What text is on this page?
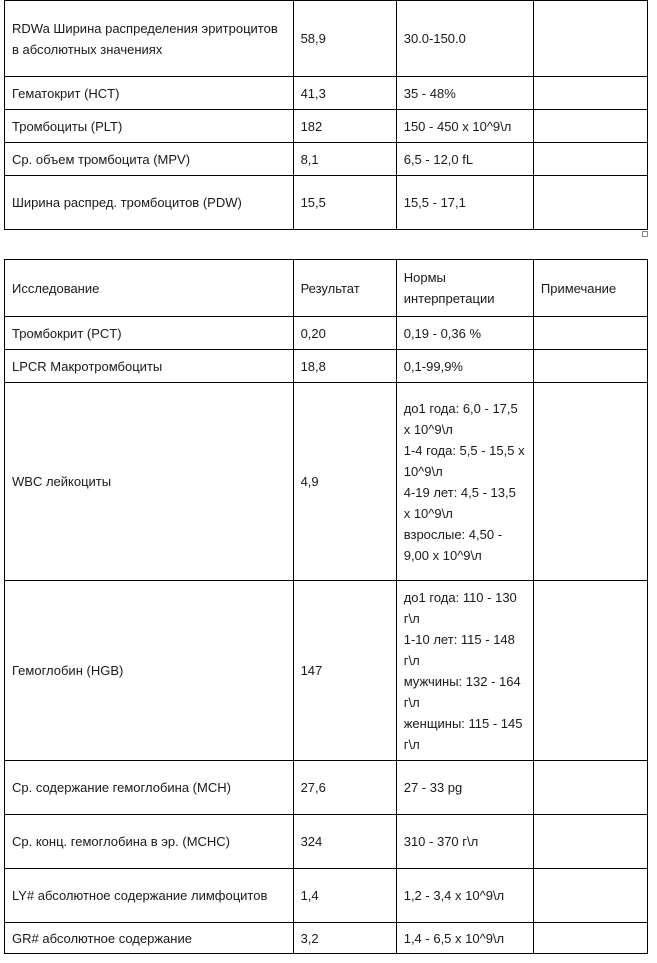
RDWa Ширина распределения эритроцитов в абсолютных значениях	58,9	30.0-150.0	

Гематокрит (HCT)	41,3	35 - 48%	

Тромбоциты (PLT)	182	150 - 450 х 10^9\л	

Ср. объем тромбоцита (MPV)	8,1	6,5 - 12,0 fL	

Ширина распред. тромбоцитов (PDW)	15,5	15,5 - 17,1	

Исследование	Результат	Нормы интерпретации	Примечание
Тромбокрит (PCT)	0,20	0,19 - 0,36 %	

LPCR Макротромбоциты	18,8	0,1-99,9%	

WBC лейкоциты	4,9	до1 года: 6,0 - 17,5 х 10^9\л
1-4 года: 5,5 - 15,5 х 10^9\л
4-19 лет: 4,5 - 13,5 х 10^9\л
взрослые: 4,50 - 9,00 х 10^9\л	

Гемоглобин (HGB)	147	до1 года: 110 - 130 г\л
1-10 лет: 115 - 148 г\л
мужчины: 132 - 164 г\л
женщины: 115 - 145 г\л	

Ср. содержание гемоглобина (MCH)	27,6	27 - 33 pg	

Ср. конц. гемоглобина в эр. (MCHC)	324	310 - 370 г\л	

LY# абсолютное содержание лимфоцитов	1,4	1,2 - 3,4 х 10^9\л	

GR# абсолютное содержание	3,2	1,4 - 6,5 х 10^9\л	
